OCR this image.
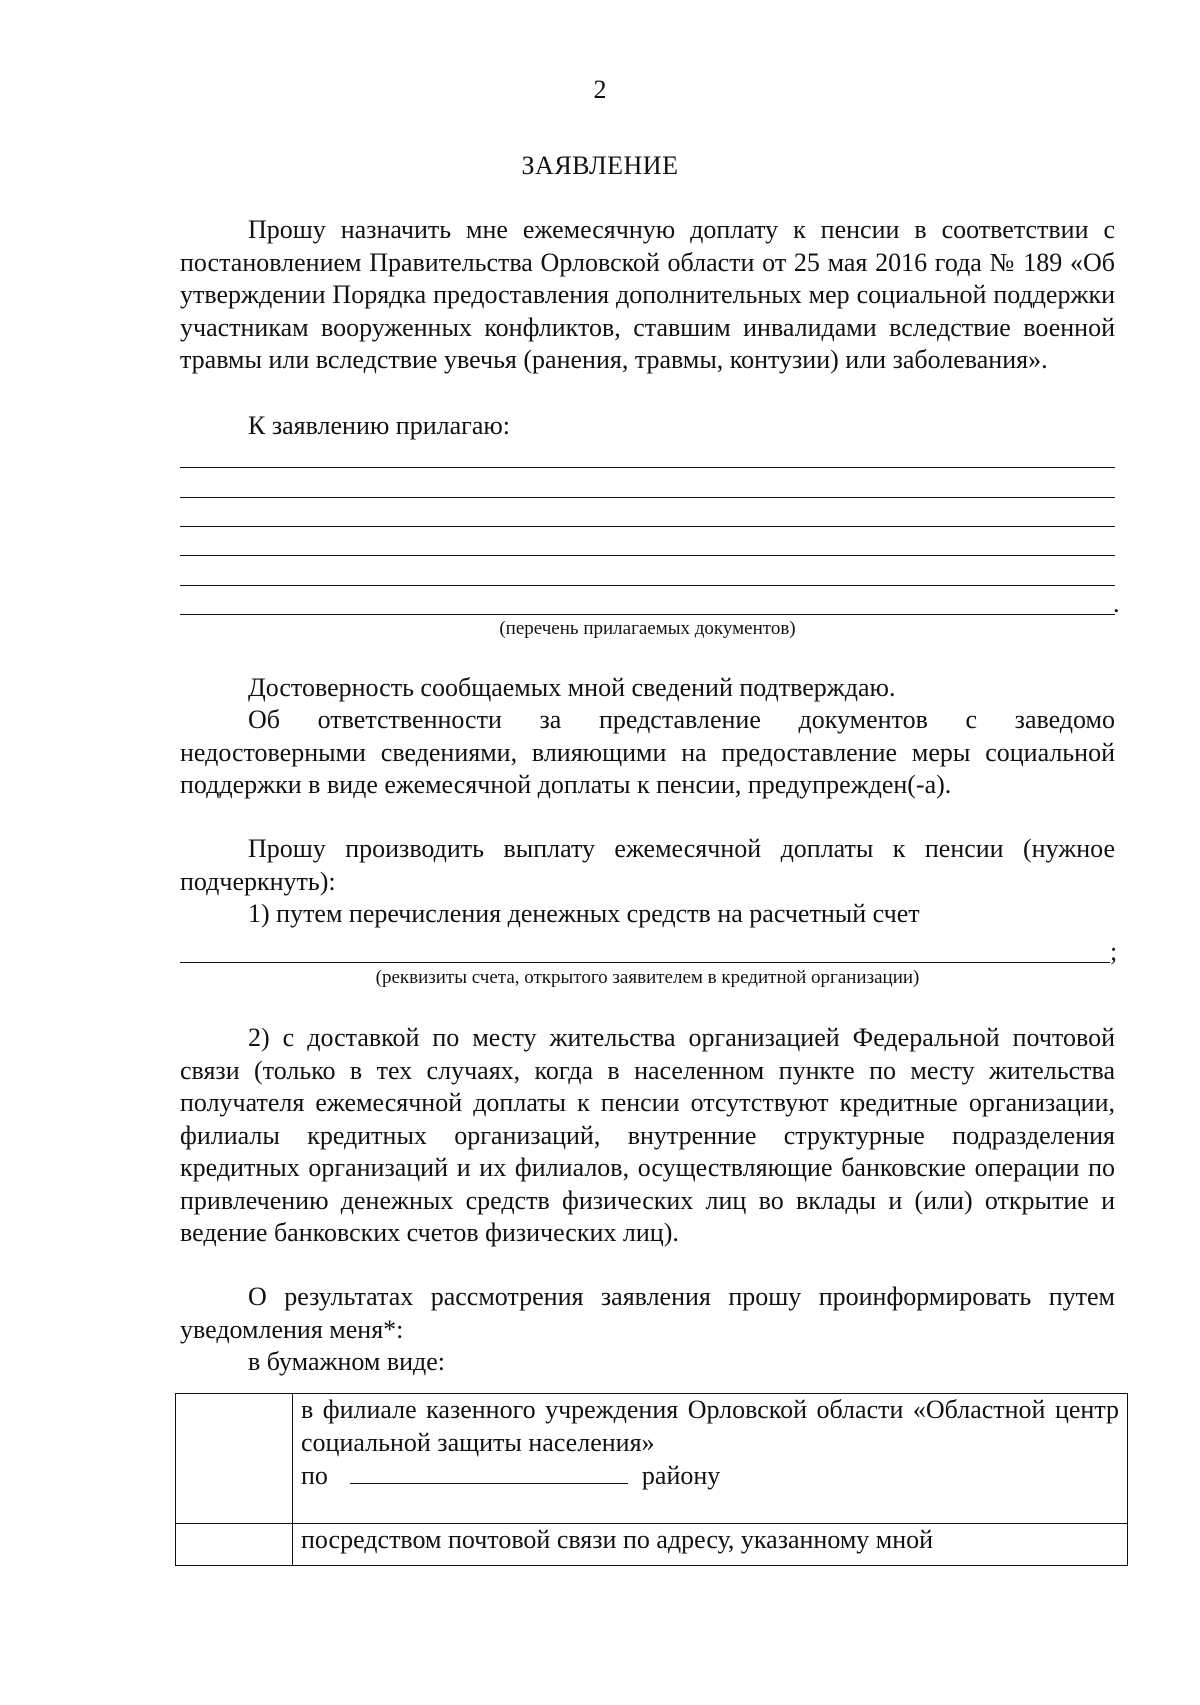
2
ЗАЯВЛЕНИЕ

Прошу назначить мне ежемесячную доплату к пенсии в соответствии с постановлением Правительства Орловской области от 25 мая 2016 года № 189 «Об утверждении Порядка предоставления дополнительных мер социальной поддержки участникам вооруженных конфликтов, ставшим инвалидами вследствие военной травмы или вследствие увечья (ранения, травмы, контузии) или заболевания».

К заявлению прилагаю:

.
(перечень прилагаемых документов)

Достоверность сообщаемых мной сведений подтверждаю.

Об ответственности за представление документов с заведомо недостоверными сведениями, влияющими на предоставление меры социальной поддержки в виде ежемесячной доплаты к пенсии, предупрежден(-а).

Прошу производить выплату ежемесячной доплаты к пенсии (нужное подчеркнуть):

1) путем перечисления денежных средств на расчетный счет

;
(реквизиты счета, открытого заявителем в кредитной организации)

2) с доставкой по месту жительства организацией Федеральной почтовой связи (только в тех случаях, когда в населенном пункте по месту жительства получателя ежемесячной доплаты к пенсии отсутствуют кредитные организации, филиалы кредитных организаций, внутренние структурные подразделения кредитных организаций и их филиалов, осуществляющие банковские операции по привлечению денежных средств физических лиц во вклады и (или) открытие и ведение банковских счетов физических лиц).

О результатах рассмотрения заявления прошу проинформировать путем уведомления меня*:

в бумажном виде:

	в филиале казенного учреждения Орловской области «Областной центр социальной защиты населения»
по району
	посредством почтовой связи по адресу, указанному мной
